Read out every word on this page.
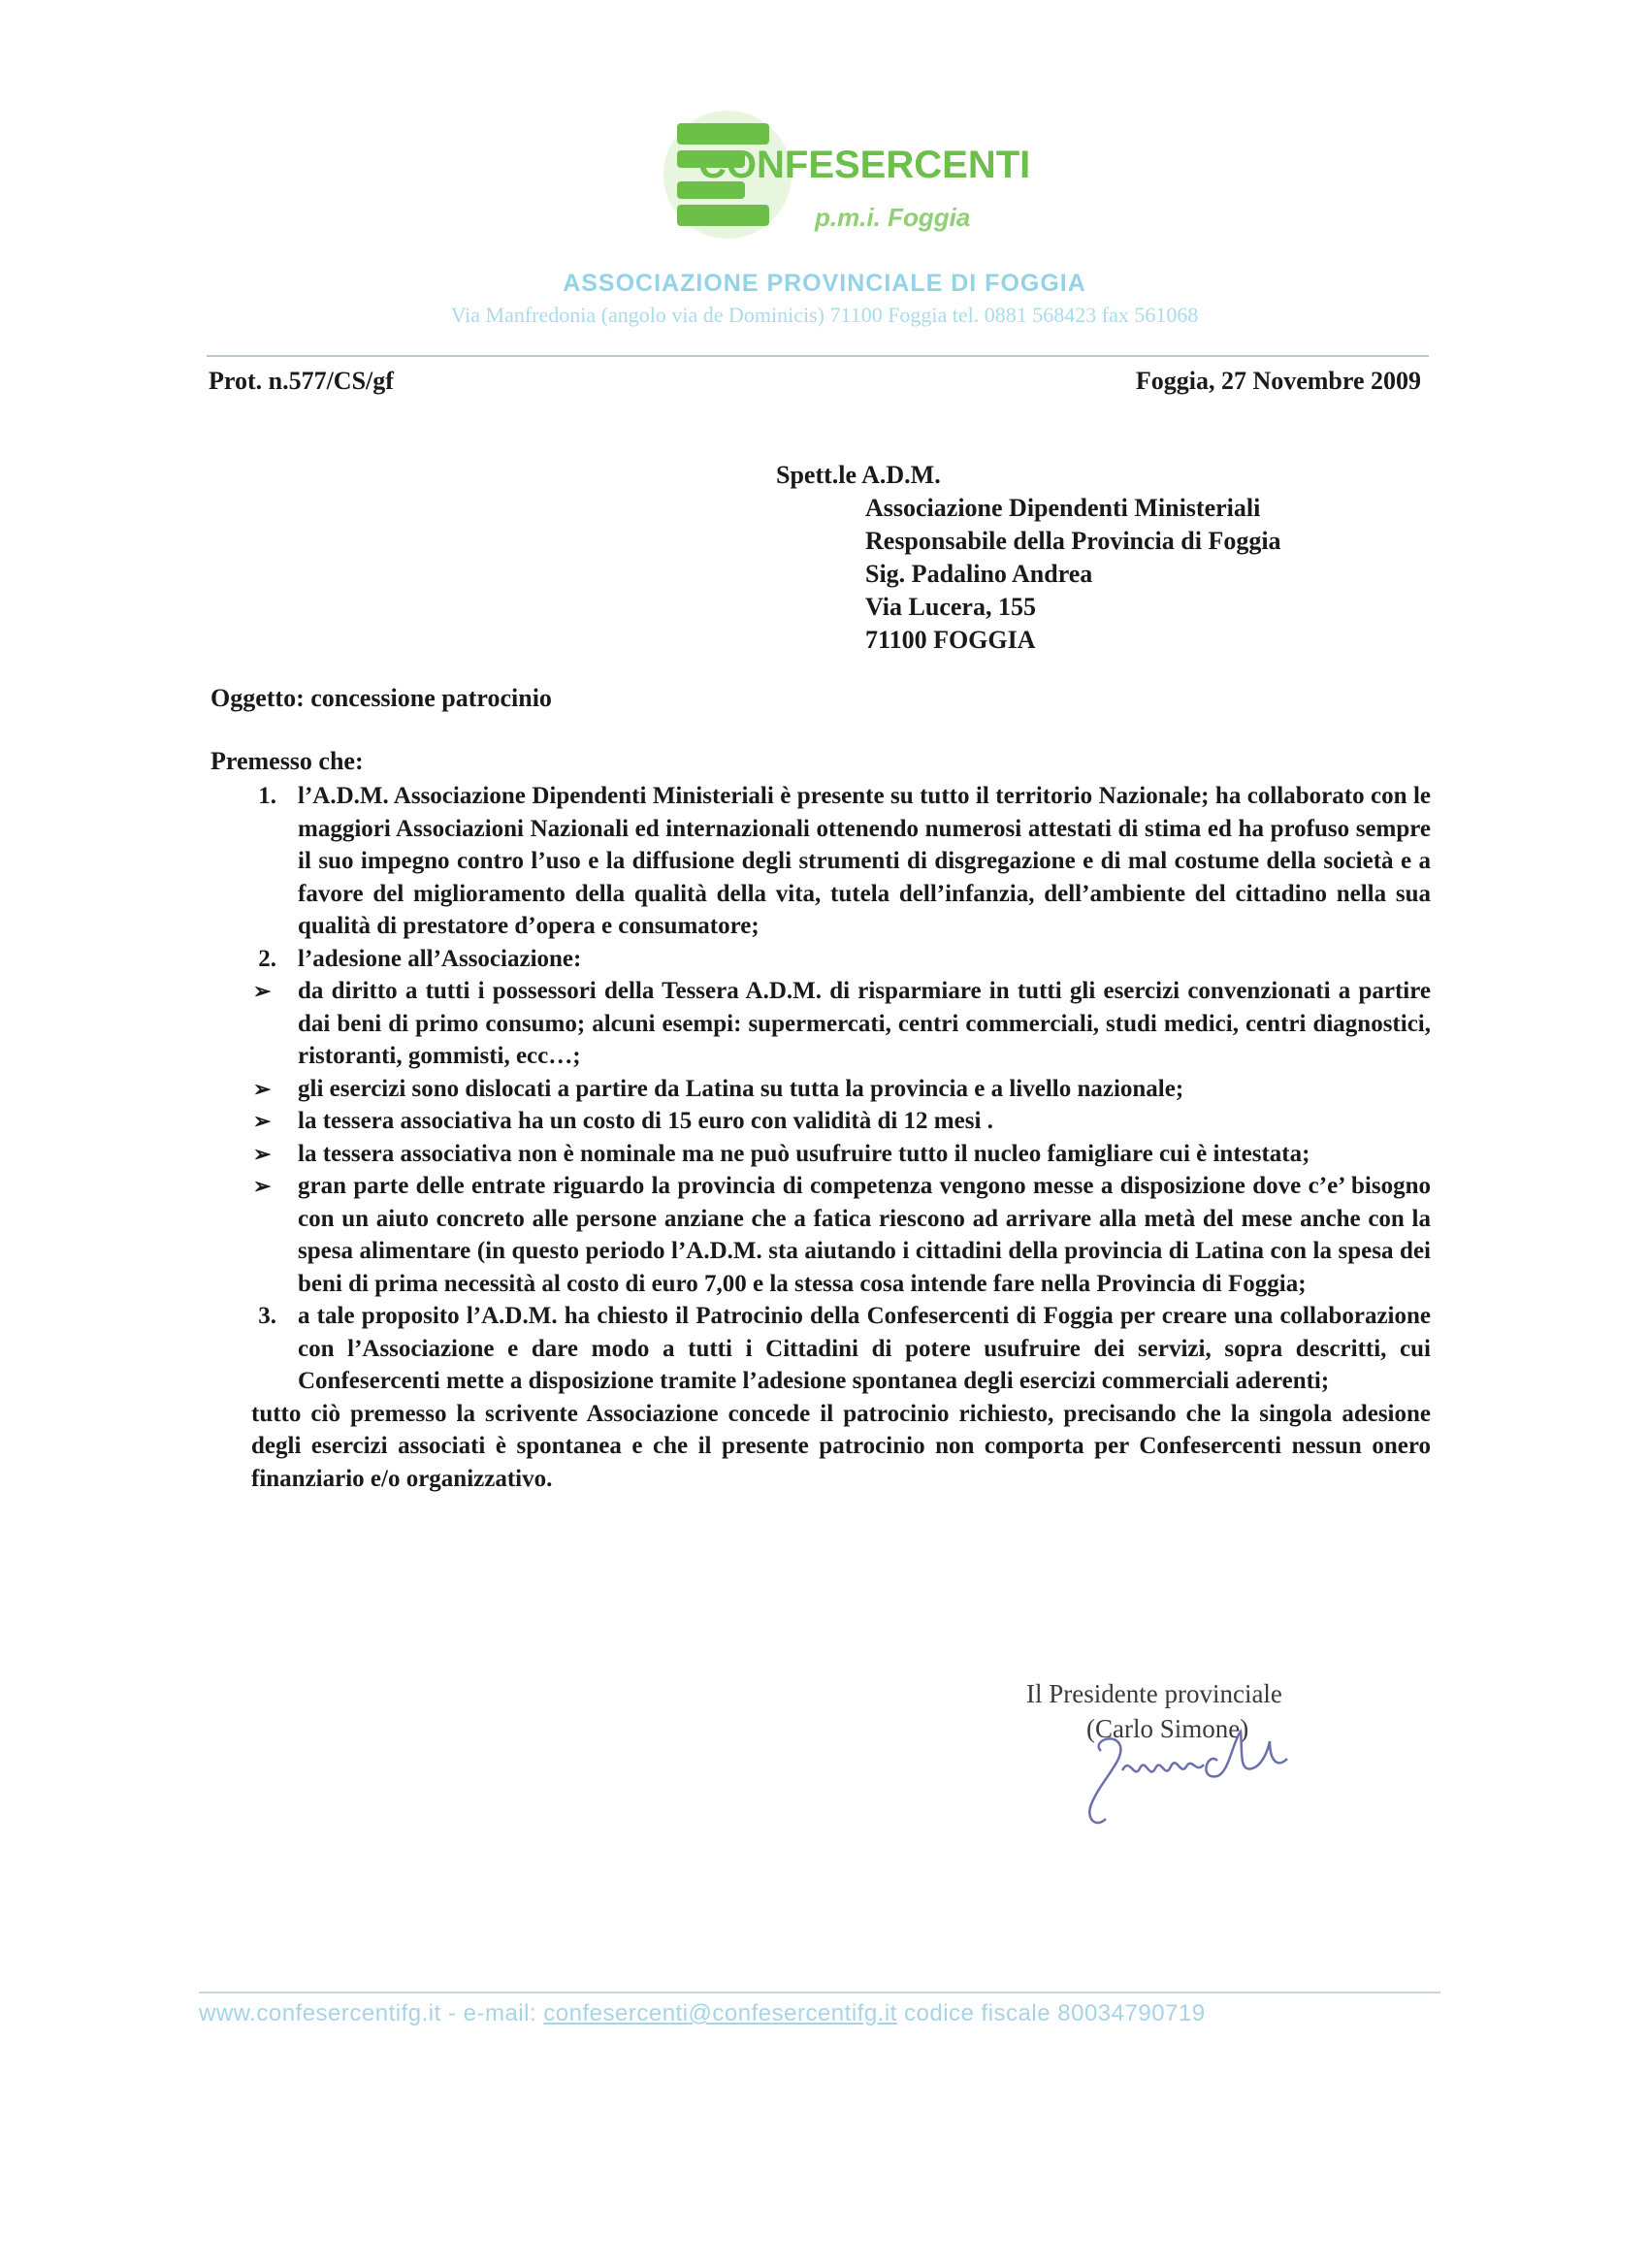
CONFESERCENTI
p.m.i. Foggia
ASSOCIAZIONE PROVINCIALE DI FOGGIA
Via Manfredonia (angolo via de Dominicis) 71100 Foggia tel. 0881 568423 fax 561068
Prot. n.577/CS/gf	Foggia, 27 Novembre 2009
Spett.le A.D.M.
Associazione Dipendenti Ministeriali
Responsabile della Provincia di Foggia
Sig. Padalino Andrea
Via Lucera, 155
71100 FOGGIA
Oggetto: concessione patrocinio
Premesso che:
1. l’A.D.M. Associazione Dipendenti Ministeriali è presente su tutto il territorio Nazionale; ha collaborato con le maggiori Associazioni Nazionali ed internazionali ottenendo numerosi attestati di stima ed ha profuso sempre il suo impegno contro l’uso e la diffusione degli strumenti di disgregazione e di mal costume della società e a favore del miglioramento della qualità della vita, tutela dell’infanzia, dell’ambiente del cittadino nella sua qualità di prestatore d’opera e consumatore;
2. l’adesione all’Associazione:
➢	da diritto a tutti i possessori della Tessera A.D.M. di risparmiare in tutti gli esercizi convenzionati a partire dai beni di primo consumo; alcuni esempi: supermercati, centri commerciali, studi medici, centri diagnostici, ristoranti, gommisti, ecc…;
➢	gli esercizi sono dislocati a partire da Latina su tutta la provincia e a livello nazionale;
➢	la tessera associativa ha un costo di 15 euro con validità di 12 mesi .
➢	la tessera associativa non è nominale ma ne può usufruire tutto il nucleo famigliare cui è intestata;
➢	gran parte delle entrate riguardo la provincia di competenza vengono messe a disposizione dove c’e’ bisogno con un aiuto concreto alle persone anziane che a fatica riescono ad arrivare alla metà del mese anche con la spesa alimentare (in questo periodo l’A.D.M. sta aiutando i cittadini della provincia di Latina con la spesa dei beni di prima necessità al costo di euro 7,00 e la stessa cosa intende fare nella Provincia di Foggia;
3. a tale proposito l’A.D.M. ha chiesto il Patrocinio della Confesercenti di Foggia per creare una collaborazione con l’Associazione e dare modo a tutti i Cittadini di potere usufruire dei servizi, sopra descritti, cui Confesercenti mette a disposizione tramite l’adesione spontanea degli esercizi commerciali aderenti;
tutto ciò premesso la scrivente Associazione concede il patrocinio richiesto, precisando che la singola adesione degli esercizi associati è spontanea e che il presente patrocinio non comporta per Confesercenti nessun onero finanziario e/o organizzativo.
Il Presidente provinciale
(Carlo Simone)
www.confesercentifg.it - e-mail: confesercenti@confesercentifg.it codice fiscale 80034790719
